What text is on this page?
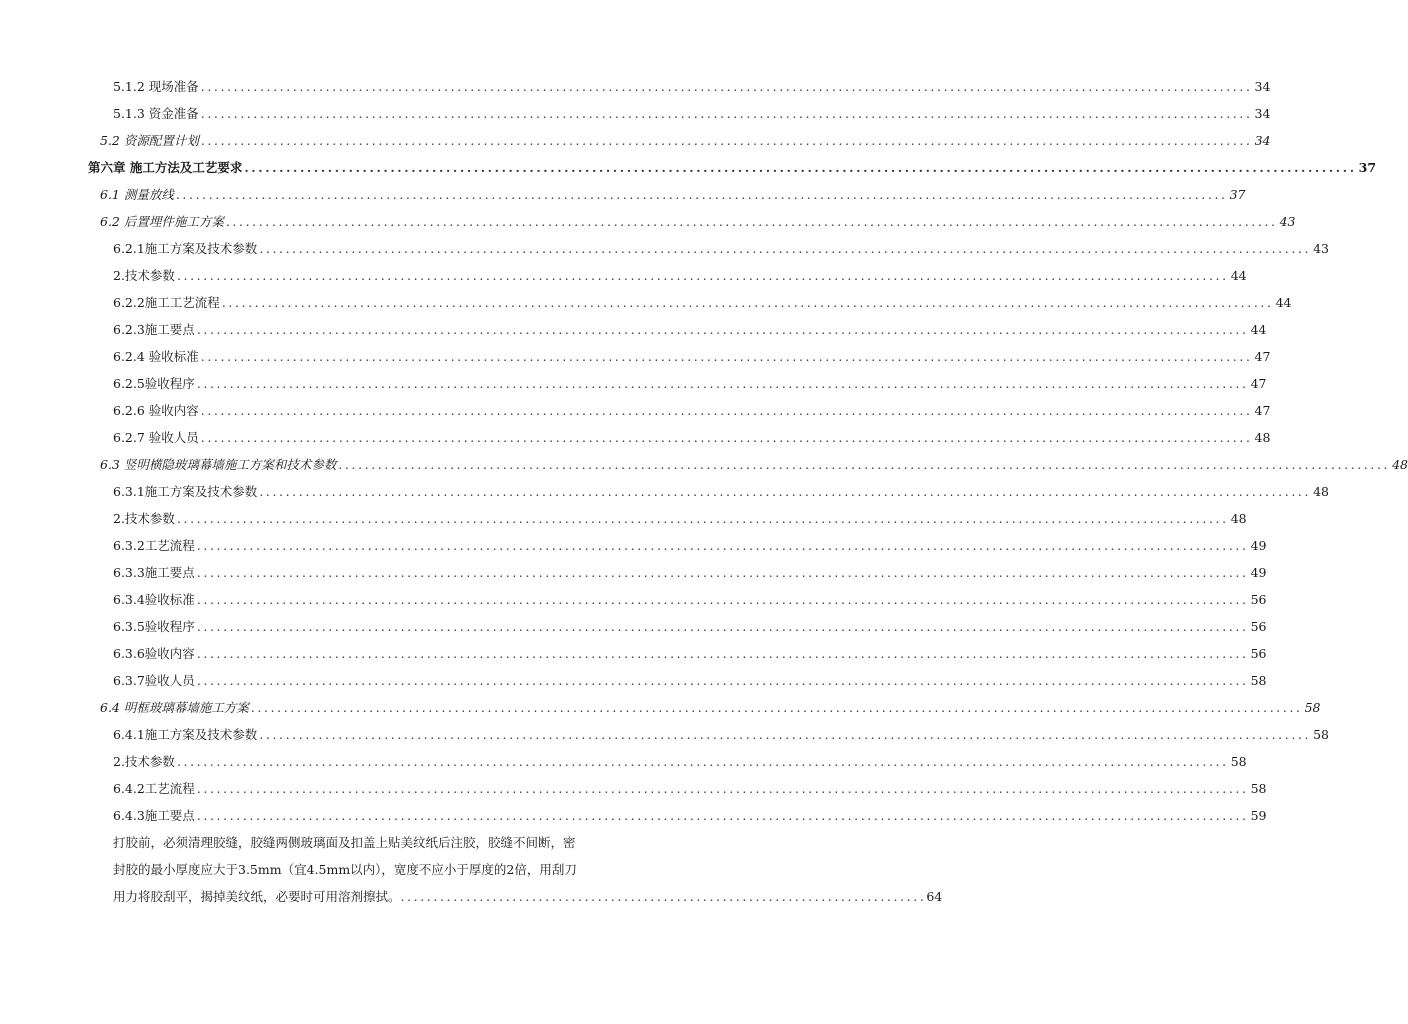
5.1.2 现场准备 ................................................................................................................................................................ 34
5.1.3 资金准备 ................................................................................................................................................................ 34
5.2 资源配置计划 ................................................................................................................................................................ 34
第六章 施工方法及工艺要求 ................................................................................................................................................................ 37
6.1 测量放线 ................................................................................................................................................................ 37
6.2 后置埋件施工方案 ................................................................................................................................................................ 43
6.2.1施工方案及技术参数 ................................................................................................................................................................ 43
2.技术参数 ................................................................................................................................................................ 44
6.2.2施工工艺流程 ................................................................................................................................................................ 44
6.2.3施工要点 ................................................................................................................................................................ 44
6.2.4 验收标准 ................................................................................................................................................................ 47
6.2.5验收程序 ................................................................................................................................................................ 47
6.2.6 验收内容 ................................................................................................................................................................ 47
6.2.7 验收人员 ................................................................................................................................................................ 48
6.3 竖明横隐玻璃幕墙施工方案和技术参数 ................................................................................................................................................................ 48
6.3.1施工方案及技术参数 ................................................................................................................................................................ 48
2.技术参数 ................................................................................................................................................................ 48
6.3.2工艺流程 ................................................................................................................................................................ 49
6.3.3施工要点 ................................................................................................................................................................ 49
6.3.4验收标准 ................................................................................................................................................................ 56
6.3.5验收程序 ................................................................................................................................................................ 56
6.3.6验收内容 ................................................................................................................................................................ 56
6.3.7验收人员 ................................................................................................................................................................ 58
6.4 明框玻璃幕墙施工方案 ................................................................................................................................................................ 58
6.4.1施工方案及技术参数 ................................................................................................................................................................ 58
2.技术参数 ................................................................................................................................................................ 58
6.4.2工艺流程 ................................................................................................................................................................ 58
6.4.3施工要点 ................................................................................................................................................................ 59
打胶前，必须清理胶缝，胶缝两侧玻璃面及扣盖上贴美纹纸后注胶，胶缝不间断，密
封胶的最小厚度应大于3.5mm（宜4.5mm以内），宽度不应小于厚度的2倍，用刮刀
用力将胶刮平，揭掉美纹纸，必要时可用溶剂擦拭。 ................................................................................ 64
